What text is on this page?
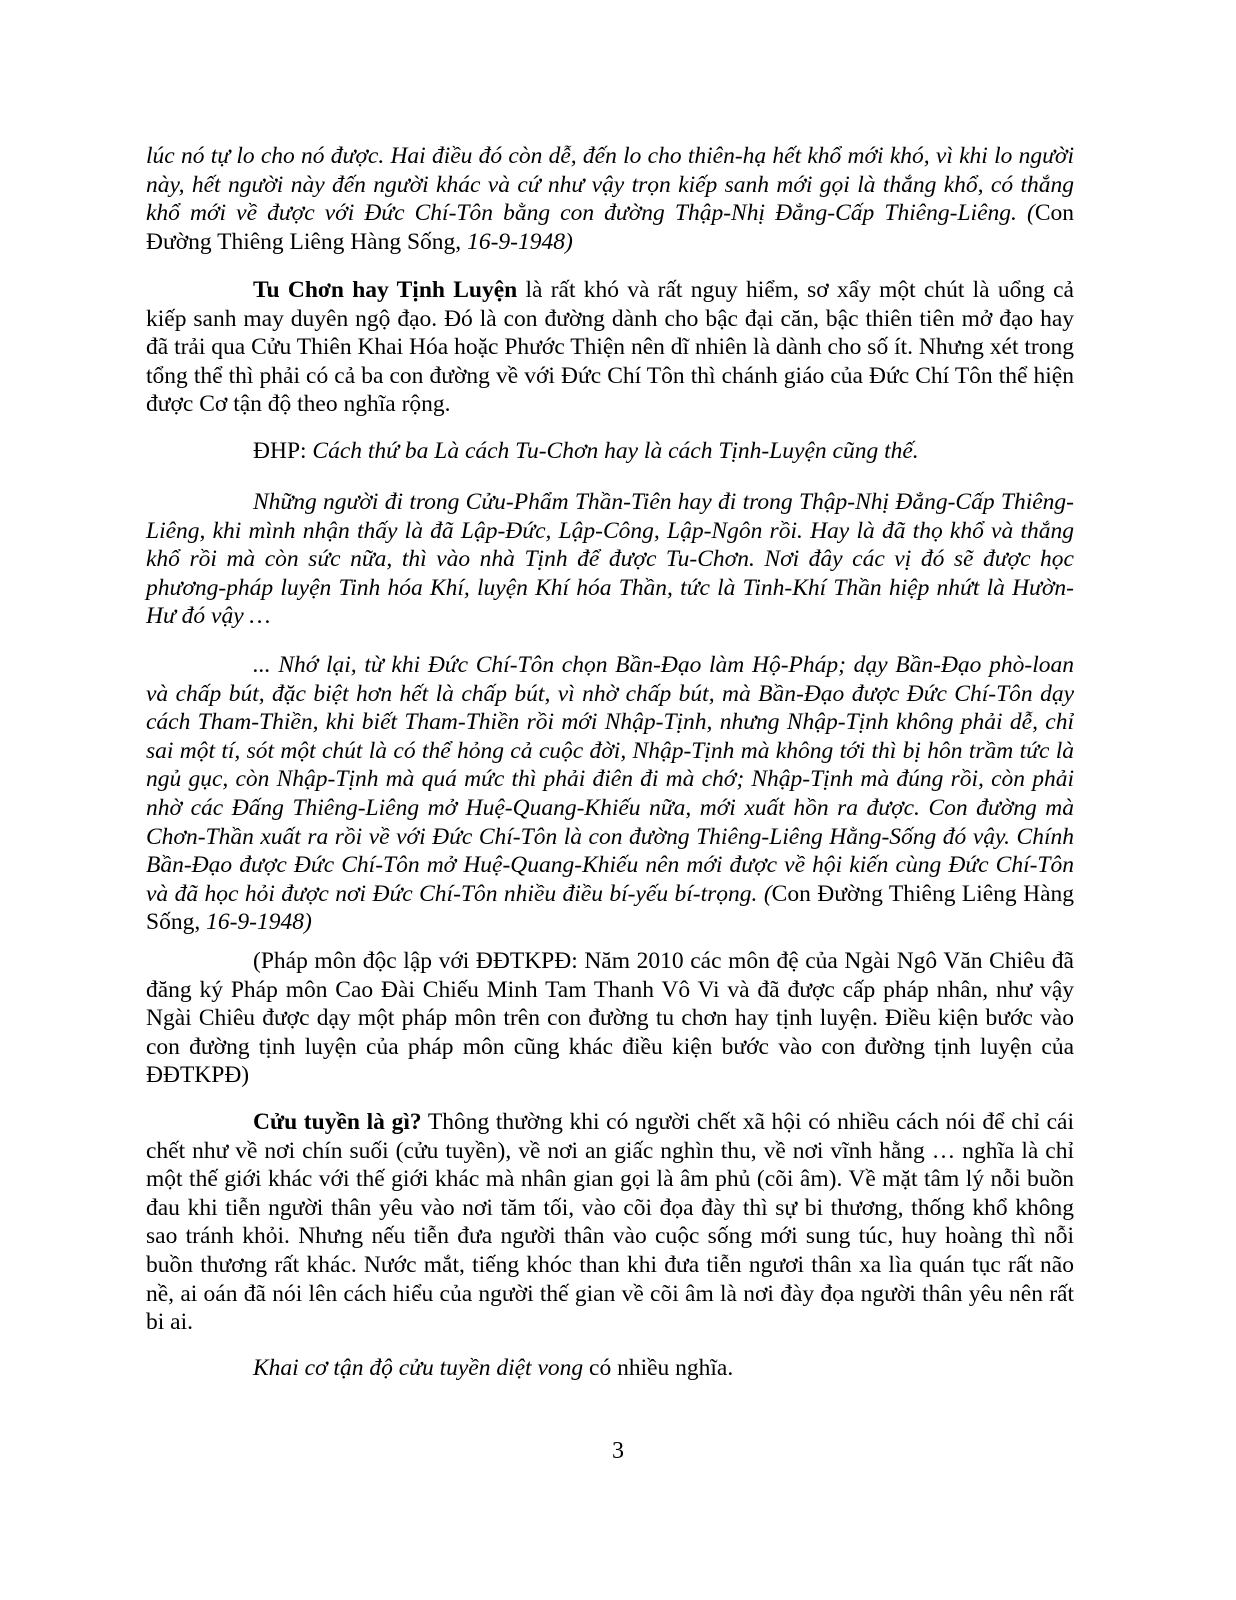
lúc nó tự lo cho nó được. Hai điều đó còn dễ, đến lo cho thiên-hạ hết khổ mới khó, vì khi lo người này, hết người này đến người khác và cứ như vậy trọn kiếp sanh mới gọi là thắng khổ, có thắng khổ mới về được với Đức Chí-Tôn bằng con đường Thập-Nhị Đẳng-Cấp Thiêng-Liêng. (Con Đường Thiêng Liêng Hàng Sống, 16-9-1948)

Tu Chơn hay Tịnh Luyện là rất khó và rất nguy hiểm, sơ xẩy một chút là uổng cả kiếp sanh may duyên ngộ đạo. Đó là con đường dành cho bậc đại căn, bậc thiên tiên mở đạo hay đã trải qua Cửu Thiên Khai Hóa hoặc Phước Thiện nên dĩ nhiên là dành cho số ít. Nhưng xét trong tổng thể thì phải có cả ba con đường về với Đức Chí Tôn thì chánh giáo của Đức Chí Tôn thể hiện được Cơ tận độ theo nghĩa rộng.

ĐHP: Cách thứ ba Là cách Tu-Chơn hay là cách Tịnh-Luyện cũng thế.

Những người đi trong Cửu-Phẩm Thần-Tiên hay đi trong Thập-Nhị Đẳng-Cấp Thiêng-Liêng, khi mình nhận thấy là đã Lập-Đức, Lập-Công, Lập-Ngôn rồi. Hay là đã thọ khổ và thắng khổ rồi mà còn sức nữa, thì vào nhà Tịnh để được Tu-Chơn. Nơi đây các vị đó sẽ được học phương-pháp luyện Tinh hóa Khí, luyện Khí hóa Thần, tức là Tinh-Khí Thần hiệp nhứt là Hườn-Hư đó vậy …

... Nhớ lại, từ khi Đức Chí-Tôn chọn Bần-Đạo làm Hộ-Pháp; dạy Bần-Đạo phò-loan và chấp bút, đặc biệt hơn hết là chấp bút, vì nhờ chấp bút, mà Bần-Đạo được Đức Chí-Tôn dạy cách Tham-Thiền, khi biết Tham-Thiền rồi mới Nhập-Tịnh, nhưng Nhập-Tịnh không phải dễ, chỉ sai một tí, sót một chút là có thể hỏng cả cuộc đời, Nhập-Tịnh mà không tới thì bị hôn trầm tức là ngủ gục, còn Nhập-Tịnh mà quá mức thì phải điên đi mà chớ; Nhập-Tịnh mà đúng rồi, còn phải nhờ các Đấng Thiêng-Liêng mở Huệ-Quang-Khiếu nữa, mới xuất hồn ra được. Con đường mà Chơn-Thần xuất ra rồi về với Đức Chí-Tôn là con đường Thiêng-Liêng Hằng-Sống đó vậy. Chính Bần-Đạo được Đức Chí-Tôn mở Huệ-Quang-Khiếu nên mới được về hội kiến cùng Đức Chí-Tôn và đã học hỏi được nơi Đức Chí-Tôn nhiều điều bí-yếu bí-trọng. (Con Đường Thiêng Liêng Hàng Sống, 16-9-1948)

(Pháp môn độc lập với ĐĐTKPĐ: Năm 2010 các môn đệ của Ngài Ngô Văn Chiêu đã đăng ký Pháp môn Cao Đài Chiếu Minh Tam Thanh Vô Vi và đã được cấp pháp nhân, như vậy Ngài Chiêu được dạy một pháp môn trên con đường tu chơn hay tịnh luyện. Điều kiện bước vào con đường tịnh luyện của pháp môn cũng khác điều kiện bước vào con đường tịnh luyện của ĐĐTKPĐ)

Cửu tuyền là gì? Thông thường khi có người chết xã hội có nhiều cách nói để chỉ cái chết như về nơi chín suối (cửu tuyền), về nơi an giấc nghìn thu, về nơi vĩnh hằng … nghĩa là chỉ một thế giới khác với thế giới khác mà nhân gian gọi là âm phủ (cõi âm). Về mặt tâm lý nỗi buồn đau khi tiễn người thân yêu vào nơi tăm tối, vào cõi đọa đày thì sự bi thương, thống khổ không sao tránh khỏi. Nhưng nếu tiễn đưa người thân vào cuộc sống mới sung túc, huy hoàng thì nỗi buồn thương rất khác. Nước mắt, tiếng khóc than khi đưa tiễn ngươi thân xa lìa quán tục rất não nề, ai oán đã nói lên cách hiểu của người thế gian về cõi âm là nơi đày đọa người thân yêu nên rất bi ai.

Khai cơ tận độ cửu tuyền diệt vong có nhiều nghĩa.

3
